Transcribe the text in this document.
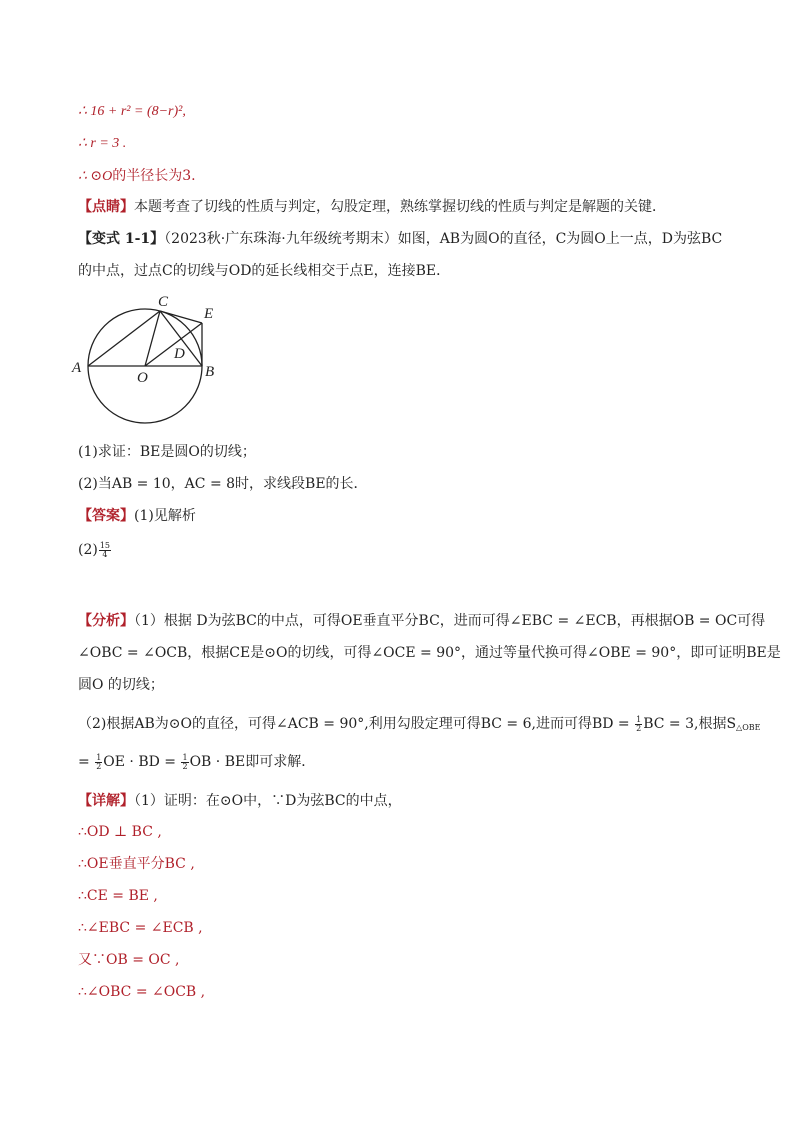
∴ 16 + r² = (8−r)²,
∴ r = 3 .
∴ ⊙O的半径长为3.
【点睛】本题考查了切线的性质与判定，勾股定理，熟练掌握切线的性质与判定是解题的关键．
【变式 1-1】（2023秋·广东珠海·九年级统考期末）如图，AB为圆O的直径，C为圆O上一点，D为弦BC
的中点，过点C的切线与OD的延长线相交于点E，连接BE．
A	B
C
D
E
O
(1)求证：BE是圆O的切线；
(2)当AB = 10，AC = 8时，求线段BE的长．
【答案】(1)见解析
$(2) \frac{15}{4}$
【分析】（1）根据 D为弦BC的中点，可得OE垂直平分BC，进而可得∠EBC = ∠ECB，再根据OB = OC可得
∠OBC = ∠OCB，根据CE是⊙O的切线，可得∠OCE = 90°，通过等量代换可得∠OBE = 90°，即可证明BE是
圆O 的切线；
（2)根据AB为⊙O的直径，可得∠ACB = 90°,利用勾股定理可得BC = 6,进而可得BD = $\frac{1}{2}$ BC = 3,根据$S_{\triangle OBE}$
= $\frac{1}{2}$ OE · BD = $\frac{1}{2}$ OB · BE即可求解．
【详解】（1）证明：在⊙O中，∵D为弦BC的中点，
∴OD ⊥ BC ,
∴OE垂直平分BC ,
∴CE = BE ,
∴∠EBC = ∠ECB ,
又∵OB = OC ,
∴∠OBC = ∠OCB ,
